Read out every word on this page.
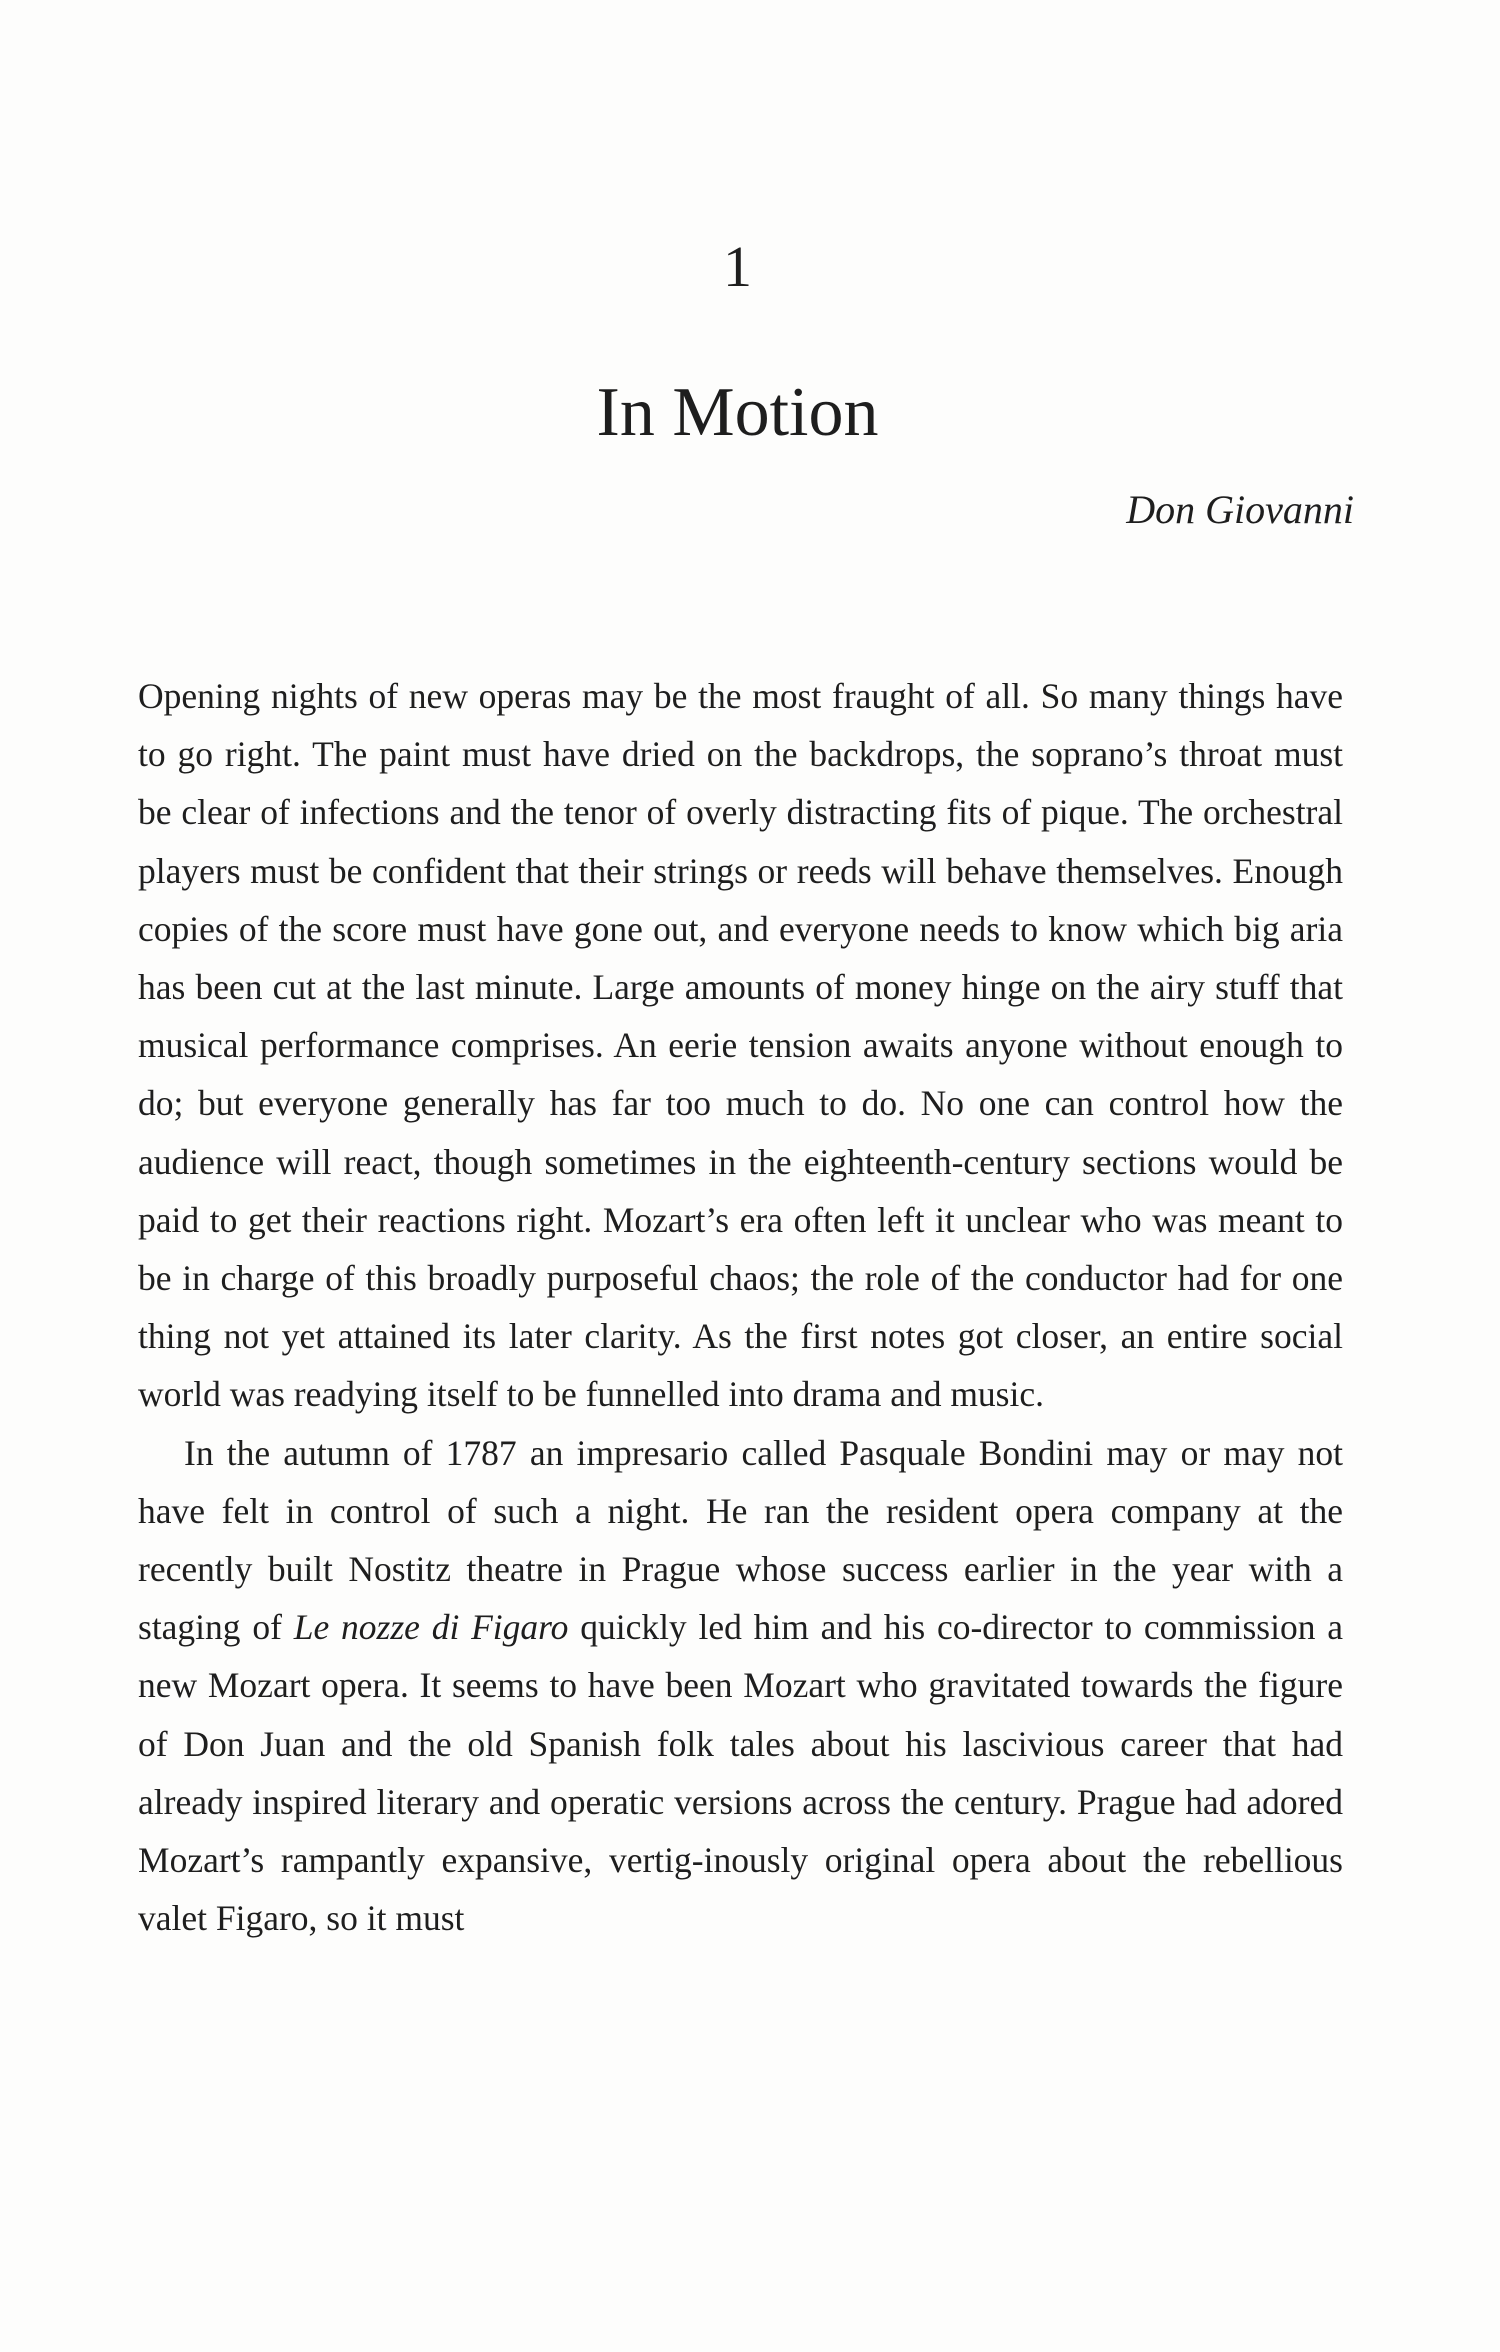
1
In Motion
Don Giovanni

Opening nights of new operas may be the most fraught of all. So many things have to go right. The paint must have dried on the backdrops, the soprano’s throat must be clear of infections and the tenor of overly distracting fits of pique. The orchestral players must be confident that their strings or reeds will behave themselves. Enough copies of the score must have gone out, and everyone needs to know which big aria has been cut at the last minute. Large amounts of money hinge on the airy stuff that musical performance comprises. An eerie tension awaits anyone without enough to do; but everyone generally has far too much to do. No one can control how the audience will react, though sometimes in the eighteenth-century sections would be paid to get their reactions right. Mozart’s era often left it unclear who was meant to be in charge of this broadly purposeful chaos; the role of the conductor had for one thing not yet attained its later clarity. As the first notes got closer, an entire social world was readying itself to be funnelled into drama and music.

In the autumn of 1787 an impresario called Pasquale Bondini may or may not have felt in control of such a night. He ran the resident opera company at the recently built Nostitz theatre in Prague whose success earlier in the year with a staging of Le nozze di Figaro quickly led him and his co-director to commission a new Mozart opera. It seems to have been Mozart who gravitated towards the figure of Don Juan and the old Spanish folk tales about his lascivious career that had already inspired literary and operatic versions across the century. Prague had adored Mozart’s rampantly expansive, vertig-inously original opera about the rebellious valet Figaro, so it must
